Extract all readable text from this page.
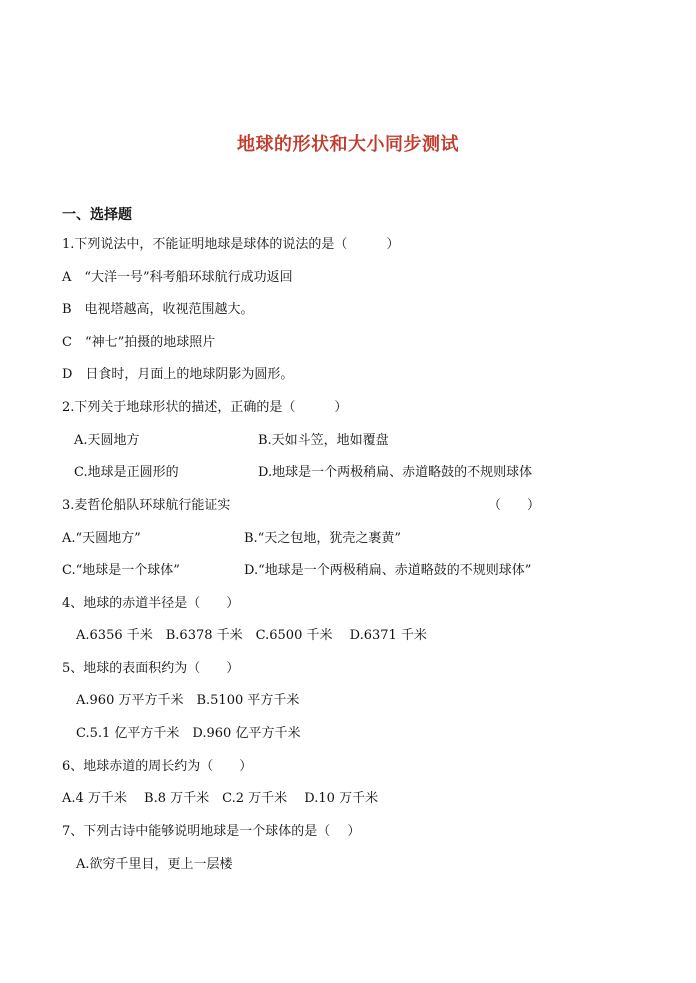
地球的形状和大小同步测试
一、选择题
1.下列说法中，不能证明地球是球体的说法的是（　　　）
A　“大洋一号”科考船环球航行成功返回
B　电视塔越高，收视范围越大。
C　“神七”拍摄的地球照片
D　日食时，月面上的地球阴影为圆形。
2.下列关于地球形状的描述，正确的是（　　　）
A.天圆地方	B.天如斗笠，地如覆盘
C.地球是正圆形的	D.地球是一个两极稍扁、赤道略鼓的不规则球体
3.麦哲伦船队环球航行能证实	（　　）
A.“天圆地方”	B.“天之包地，犹壳之裹黄”
C.“地球是一个球体”	D.“地球是一个两极稍扁、赤道略鼓的不规则球体”
4、地球的赤道半径是（　　）
A.6356 千米　B.6378 千米　C.6500 千米　 D.6371 千米
5、地球的表面积约为（　　）
A.960 万平方千米　B.5100 平方千米
C.5.1 亿平方千米　D.960 亿平方千米
6、地球赤道的周长约为（　　）
A.4 万千米　 B.8 万千米　C.2 万千米　 D.10 万千米
7、下列古诗中能够说明地球是一个球体的是（　 ）
A.欲穷千里目，更上一层楼
